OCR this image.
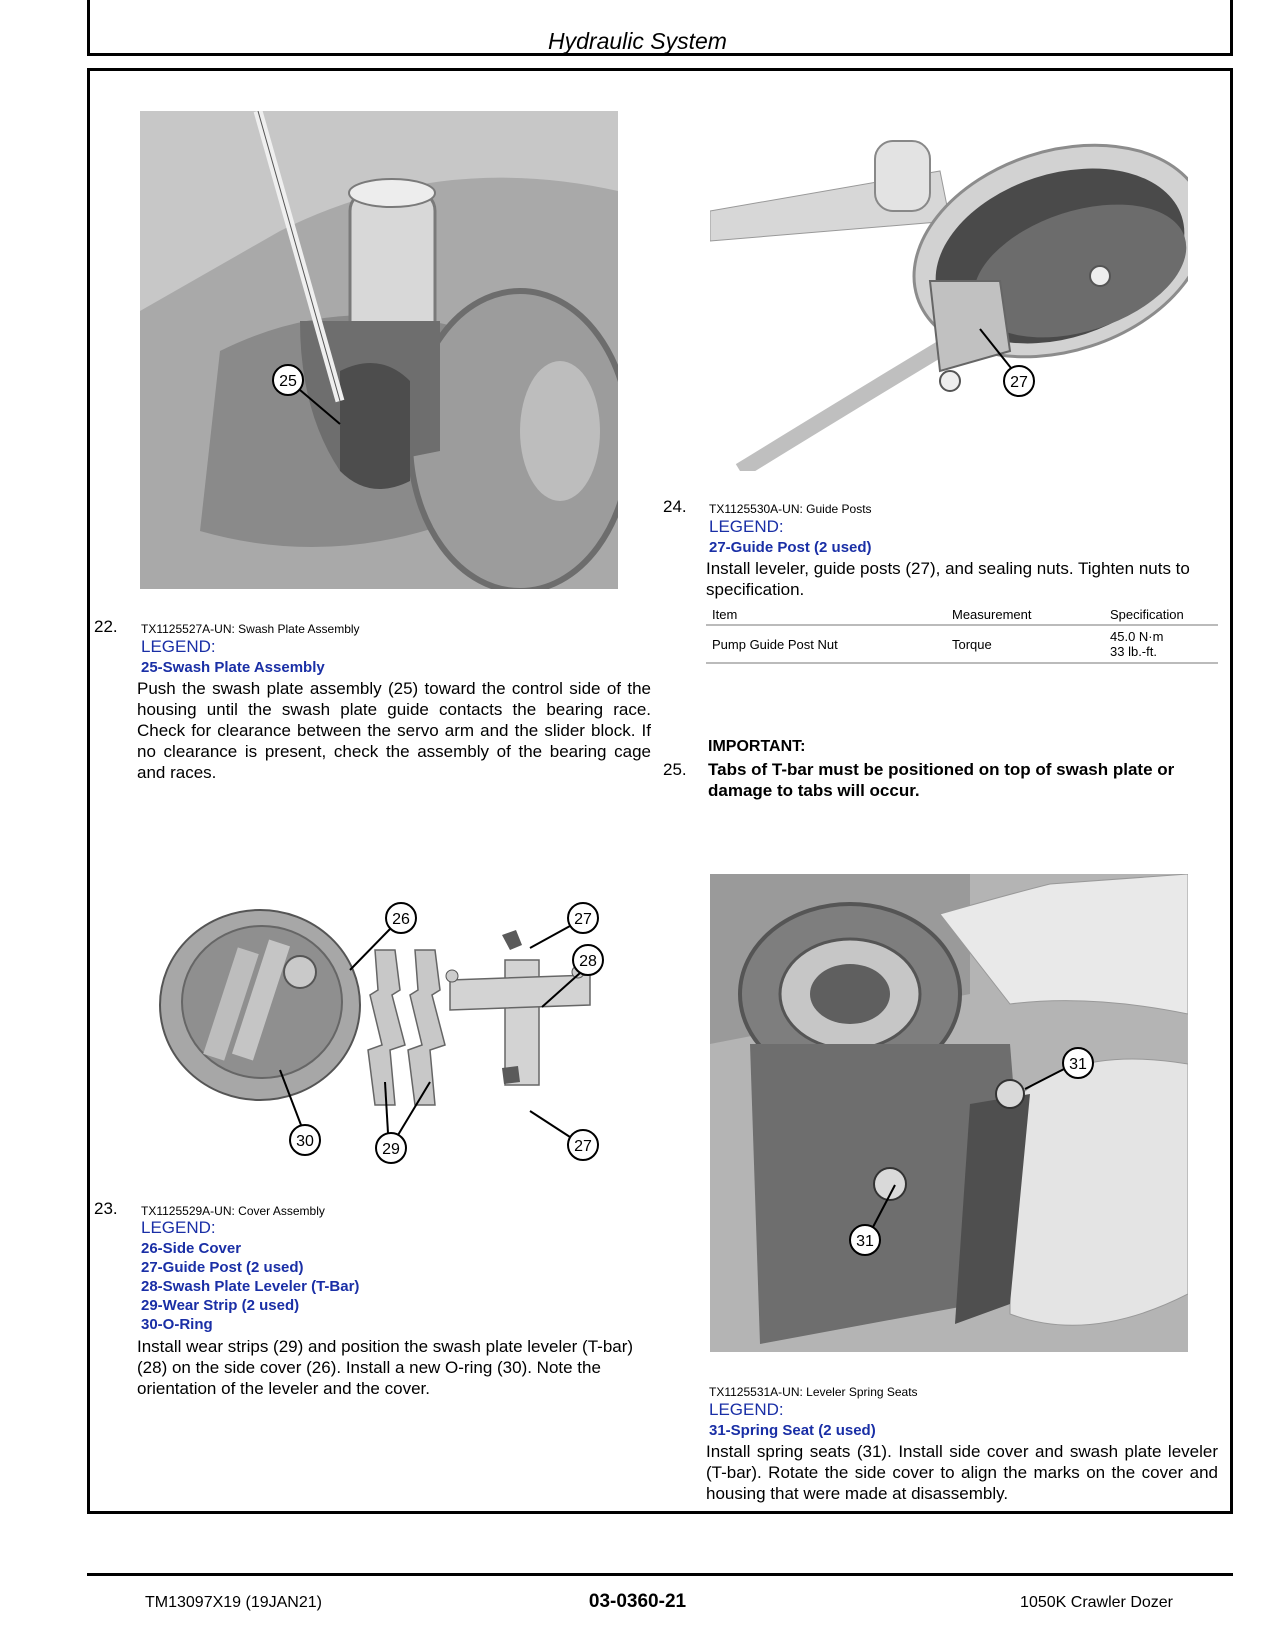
Hydraulic System
25
22. TX1125527A-UN: Swash Plate Assembly
LEGEND:
25-Swash Plate Assembly
Push the swash plate assembly (25) toward the control side of the housing until the swash plate guide contacts the bearing race. Check for clearance between the servo arm and the slider block. If no clearance is present, check the assembly of the bearing cage and races.
26	27
28
30	29	27
23. TX1125529A-UN: Cover Assembly
LEGEND:
26-Side Cover
27-Guide Post (2 used)
28-Swash Plate Leveler (T-Bar)
29-Wear Strip (2 used)
30-O-Ring
Install wear strips (29) and position the swash plate leveler (T-bar) (28) on the side cover (26). Install a new O-ring (30). Note the orientation of the leveler and the cover.
27
24. TX1125530A-UN: Guide Posts
LEGEND:
27-Guide Post (2 used)
Install leveler, guide posts (27), and sealing nuts. Tighten nuts to specification.
Item	Measurement	Specification
Pump Guide Post Nut	Torque	45.0 N·m
33 lb.-ft.
IMPORTANT:
25. Tabs of T-bar must be positioned on top of swash plate or damage to tabs will occur.
31
31
TX1125531A-UN: Leveler Spring Seats
LEGEND:
31-Spring Seat (2 used)
Install spring seats (31). Install side cover and swash plate leveler (T-bar). Rotate the side cover to align the marks on the cover and housing that were made at disassembly.
TM13097X19 (19JAN21)	03-0360-21	1050K Crawler Dozer
